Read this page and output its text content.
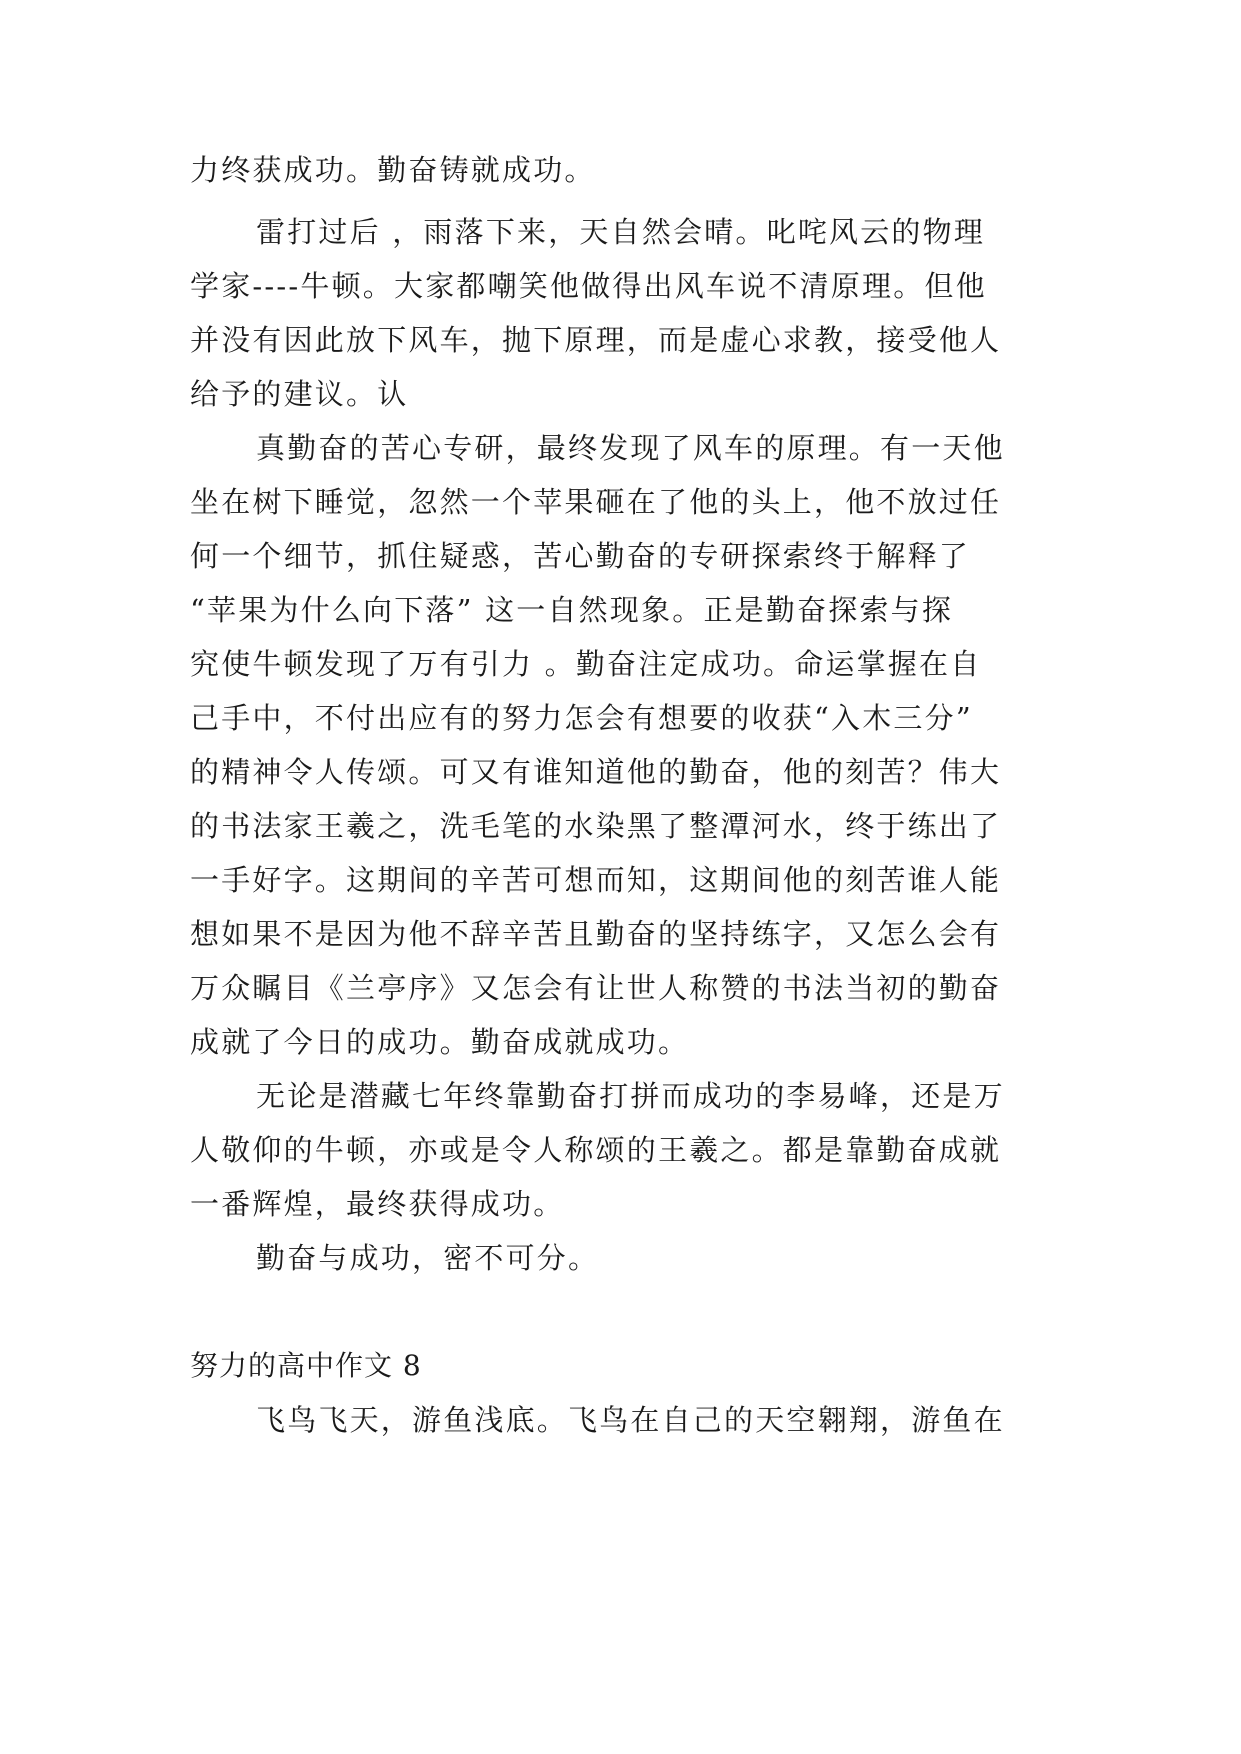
力终获成功。勤奋铸就成功。
雷打过后 ，雨落下来，天自然会晴。叱咤风云的物理
学家----牛顿。大家都嘲笑他做得出风车说不清原理。但他
并没有因此放下风车，抛下原理，而是虚心求教，接受他人
给予的建议。认
真勤奋的苦心专研，最终发现了风车的原理。有一天他
坐在树下睡觉，忽然一个苹果砸在了他的头上，他不放过任
何一个细节，抓住疑惑，苦心勤奋的专研探索终于解释了
“苹果为什么向下落” 这一自然现象。正是勤奋探索与探
究使牛顿发现了万有引力 。勤奋注定成功。命运掌握在自
己手中，不付出应有的努力怎会有想要的收获“入木三分”
的精神令人传颂。可又有谁知道他的勤奋，他的刻苦？伟大
的书法家王羲之，洗毛笔的水染黑了整潭河水，终于练出了
一手好字。这期间的辛苦可想而知，这期间他的刻苦谁人能
想如果不是因为他不辞辛苦且勤奋的坚持练字，又怎么会有
万众瞩目《兰亭序》又怎会有让世人称赞的书法当初的勤奋
成就了今日的成功。勤奋成就成功。
无论是潜藏七年终靠勤奋打拼而成功的李易峰，还是万
人敬仰的牛顿，亦或是令人称颂的王羲之。都是靠勤奋成就
一番辉煌，最终获得成功。
勤奋与成功，密不可分。
努力的高中作文 8
飞鸟飞天，游鱼浅底。飞鸟在自己的天空翱翔，游鱼在
